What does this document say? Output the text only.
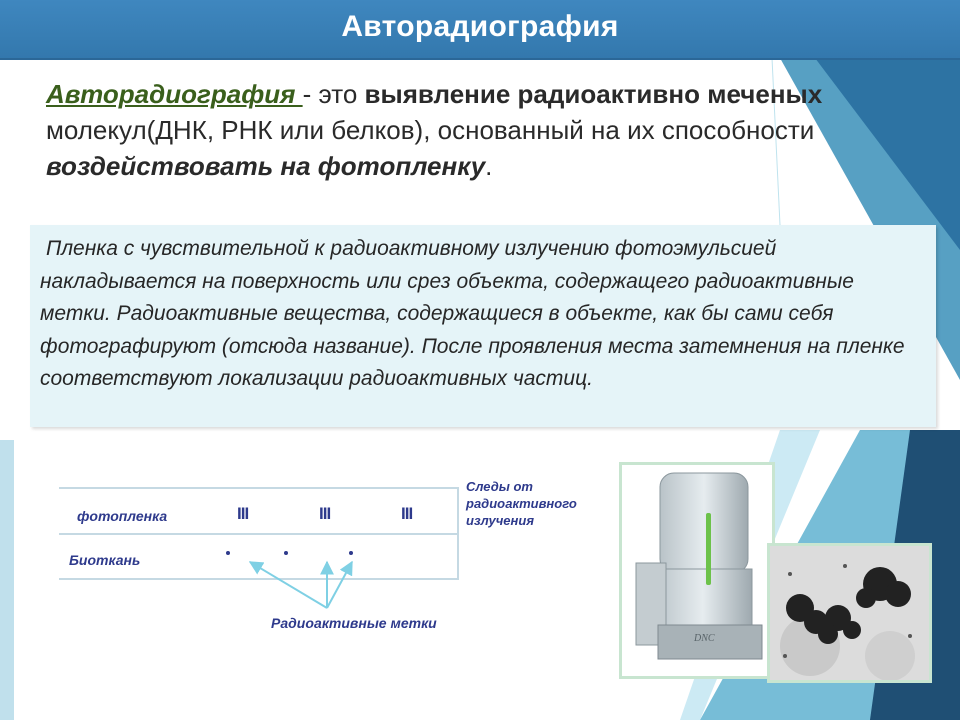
Авторадиография
Авторадиография - это выявление радиоактивно меченых молекул(ДНК, РНК или белков), основанный на их способности воздействовать на фотопленку.

Пленка с чувствительной к радиоактивному излучению фотоэмульсией накладывается на поверхность или срез объекта, содержащего радиоактивные метки. Радиоактивные вещества, содержащиеся в объекте, как бы сами себя фотографируют (отсюда название). После проявления места затемнения на пленке соответствуют локализации радиоактивных частиц.

фотопленка
Биоткань
III	III	III
Следы от радиоактивного излучения
Радиоактивные метки
DNC
